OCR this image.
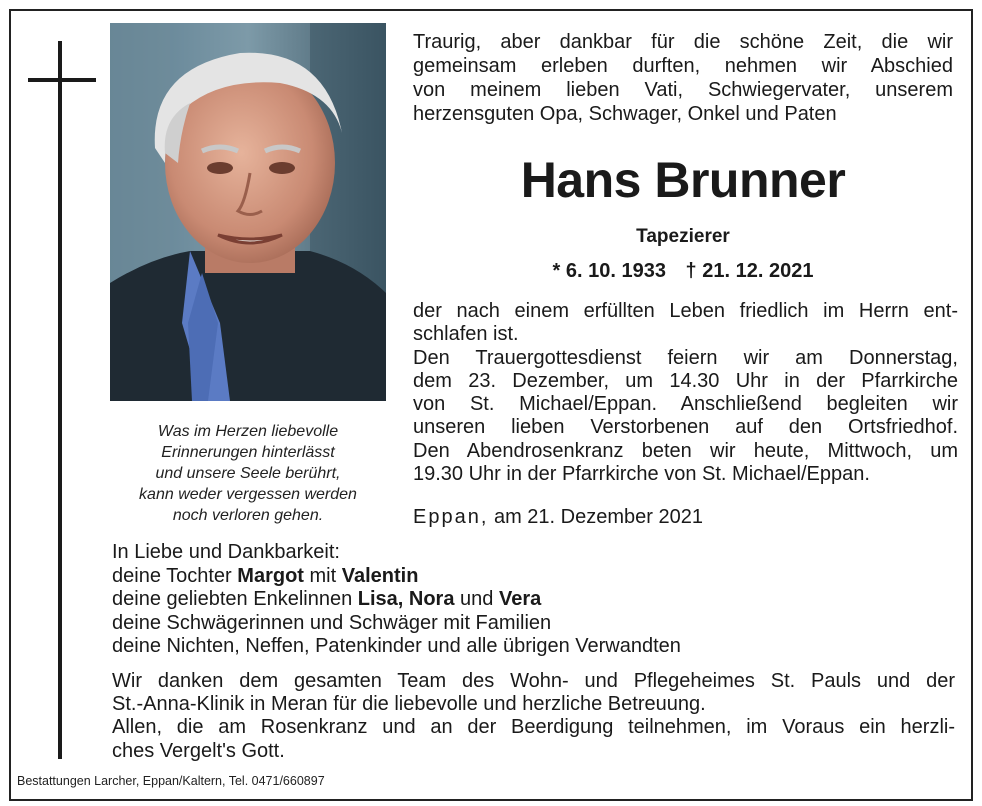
Was im Herzen liebevolle
Erinnerungen hinterlässt
und unsere Seele berührt,
kann weder vergessen werden
noch verloren gehen.
Traurig, aber dankbar für die schöne Zeit, die wir
gemeinsam erleben durften, nehmen wir Abschied
von meinem lieben Vati, Schwiegervater, unserem
herzensguten Opa, Schwager, Onkel und Paten
Hans Brunner
Tapezierer
* 6. 10. 1933 † 21. 12. 2021
der nach einem erfüllten Leben friedlich im Herrn ent-
schlafen ist.
Den Trauergottesdienst feiern wir am Donnerstag,
dem 23. Dezember, um 14.30 Uhr in der Pfarrkirche
von St. Michael/Eppan. Anschließend begleiten wir
unseren lieben Verstorbenen auf den Ortsfriedhof.
Den Abendrosenkranz beten wir heute, Mittwoch, um
19.30 Uhr in der Pfarrkirche von St. Michael/Eppan.
Eppan, am 21. Dezember 2021
In Liebe und Dankbarkeit:
deine Tochter Margot mit Valentin
deine geliebten Enkelinnen Lisa, Nora und Vera
deine Schwägerinnen und Schwäger mit Familien
deine Nichten, Neffen, Patenkinder und alle übrigen Verwandten
Wir danken dem gesamten Team des Wohn- und Pflegeheimes St. Pauls und der
St.-Anna-Klinik in Meran für die liebevolle und herzliche Betreuung.
Allen, die am Rosenkranz und an der Beerdigung teilnehmen, im Voraus ein herzli-
ches Vergelt's Gott.
Bestattungen Larcher, Eppan/Kaltern, Tel. 0471/660897
